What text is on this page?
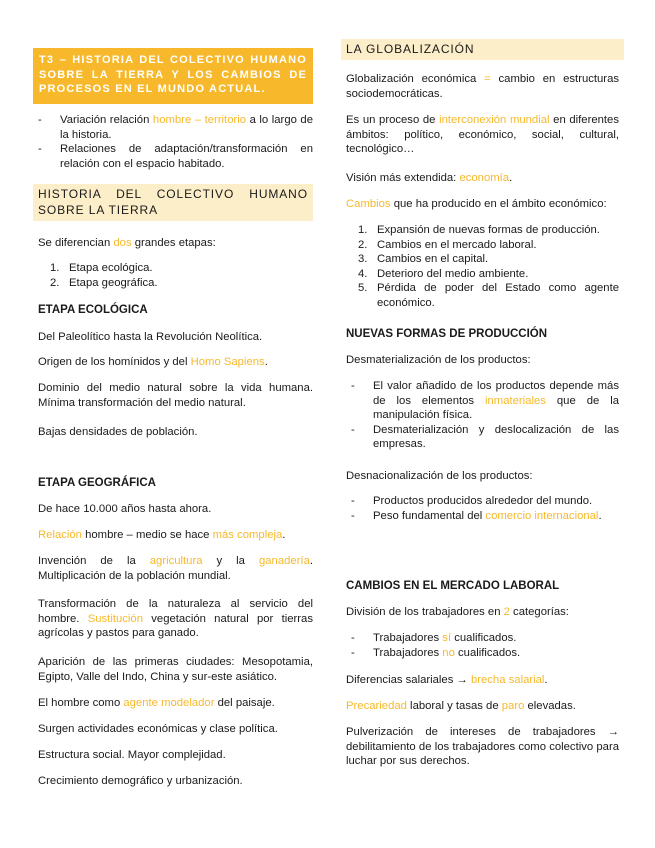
T3 – HISTORIA DEL COLECTIVO HUMANO SOBRE LA TIERRA Y LOS CAMBIOS DE PROCESOS EN EL MUNDO ACTUAL.
- Variación relación hombre – territorio a lo largo de la historia.
- Relaciones de adaptación/transformación en relación con el espacio habitado.
HISTORIA DEL COLECTIVO HUMANO SOBRE LA TIERRA

Se diferencian dos grandes etapas:

1. Etapa ecológica.
2. Etapa geográfica.
ETAPA ECOLÓGICA

Del Paleolítico hasta la Revolución Neolítica.

Origen de los homínidos y del Homo Sapiens.

Dominio del medio natural sobre la vida humana. Mínima transformación del medio natural.

Bajas densidades de población.

ETAPA GEOGRÁFICA

De hace 10.000 años hasta ahora.

Relación hombre – medio se hace más compleja.

Invención de la agricultura y la ganadería. Multiplicación de la población mundial.

Transformación de la naturaleza al servicio del hombre. Sustitución vegetación natural por tierras agrícolas y pastos para ganado.

Aparición de las primeras ciudades: Mesopotamia, Egipto, Valle del Indo, China y sur-este asiático.

El hombre como agente modelador del paisaje.

Surgen actividades económicas y clase política.

Estructura social. Mayor complejidad.

Crecimiento demográfico y urbanización.

LA GLOBALIZACIÓN

Globalización económica = cambio en estructuras sociodemocráticas.

Es un proceso de interconexión mundial en diferentes ámbitos: político, económico, social, cultural, tecnológico…

Visión más extendida: economía.

Cambios que ha producido en el ámbito económico:

1. Expansión de nuevas formas de producción.
2. Cambios en el mercado laboral.
3. Cambios en el capital.
4. Deterioro del medio ambiente.
5. Pérdida de poder del Estado como agente económico.
NUEVAS FORMAS DE PRODUCCIÓN

Desmaterialización de los productos:

- El valor añadido de los productos depende más de los elementos inmateriales que de la manipulación física.
- Desmaterialización y deslocalización de las empresas.

Desnacionalización de los productos:

- Productos producidos alrededor del mundo.
- Peso fundamental del comercio internacional.
CAMBIOS EN EL MERCADO LABORAL

División de los trabajadores en 2 categorías:

- Trabajadores sí cualificados.
- Trabajadores no cualificados.

Diferencias salariales → brecha salarial.

Precariedad laboral y tasas de paro elevadas.

Pulverización de intereses de trabajadores → debilitamiento de los trabajadores como colectivo para luchar por sus derechos.
